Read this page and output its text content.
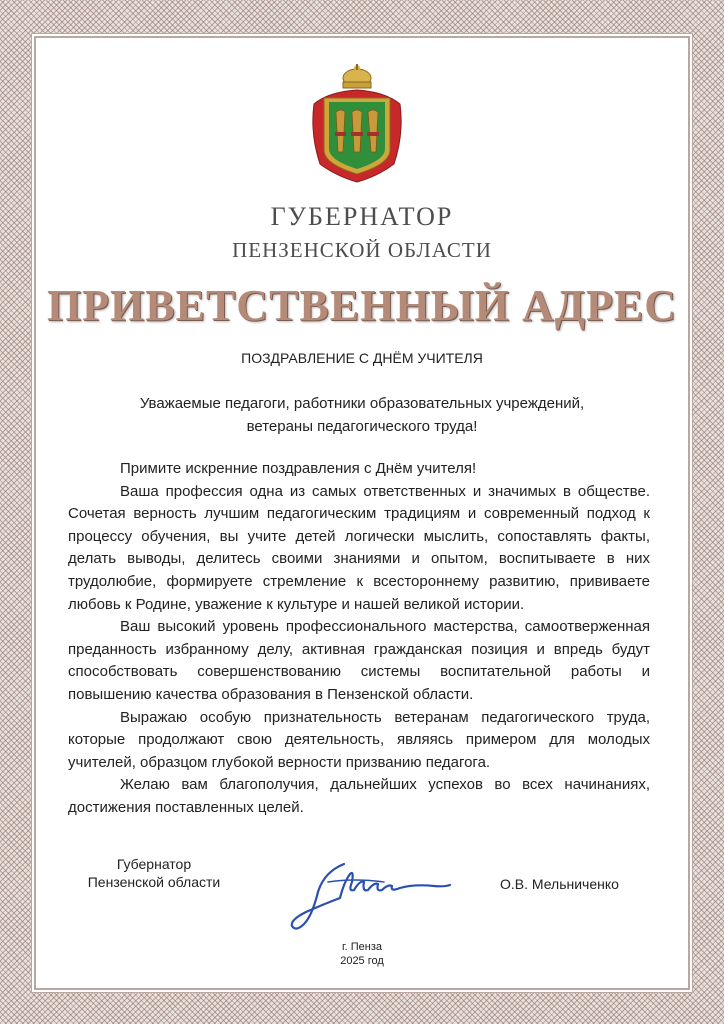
ГУБЕРНАТОР
ПЕНЗЕНСКОЙ ОБЛАСТИ
ПРИВЕТСТВЕННЫЙ АДРЕС
ПОЗДРАВЛЕНИЕ С ДНЁМ УЧИТЕЛЯ
Уважаемые педагоги, работники образовательных учреждений,
ветераны педагогического труда!

Примите искренние поздравления с Днём учителя!

Ваша профессия одна из самых ответственных и значимых в обществе. Сочетая верность лучшим педагогическим традициям и современный подход к процессу обучения, вы учите детей логически мыслить, сопоставлять факты, делать выводы, делитесь своими знаниями и опытом, воспитываете в них трудолюбие, формируете стремление к всестороннему развитию, прививаете любовь к Родине, уважение к культуре и нашей великой истории.

Ваш высокий уровень профессионального мастерства, самоотверженная преданность избранному делу, активная гражданская позиция и впредь будут способствовать совершенствованию системы воспитательной работы и повышению качества образования в Пензенской области.

Выражаю особую признательность ветеранам педагогического труда, которые продолжают свою деятельность, являясь примером для молодых учителей, образцом глубокой верности призванию педагога.

Желаю вам благополучия, дальнейших успехов во всех начинаниях, достижения поставленных целей.

Губернатор
Пензенской области	О.В. Мельниченко
г. Пенза
2025 год
